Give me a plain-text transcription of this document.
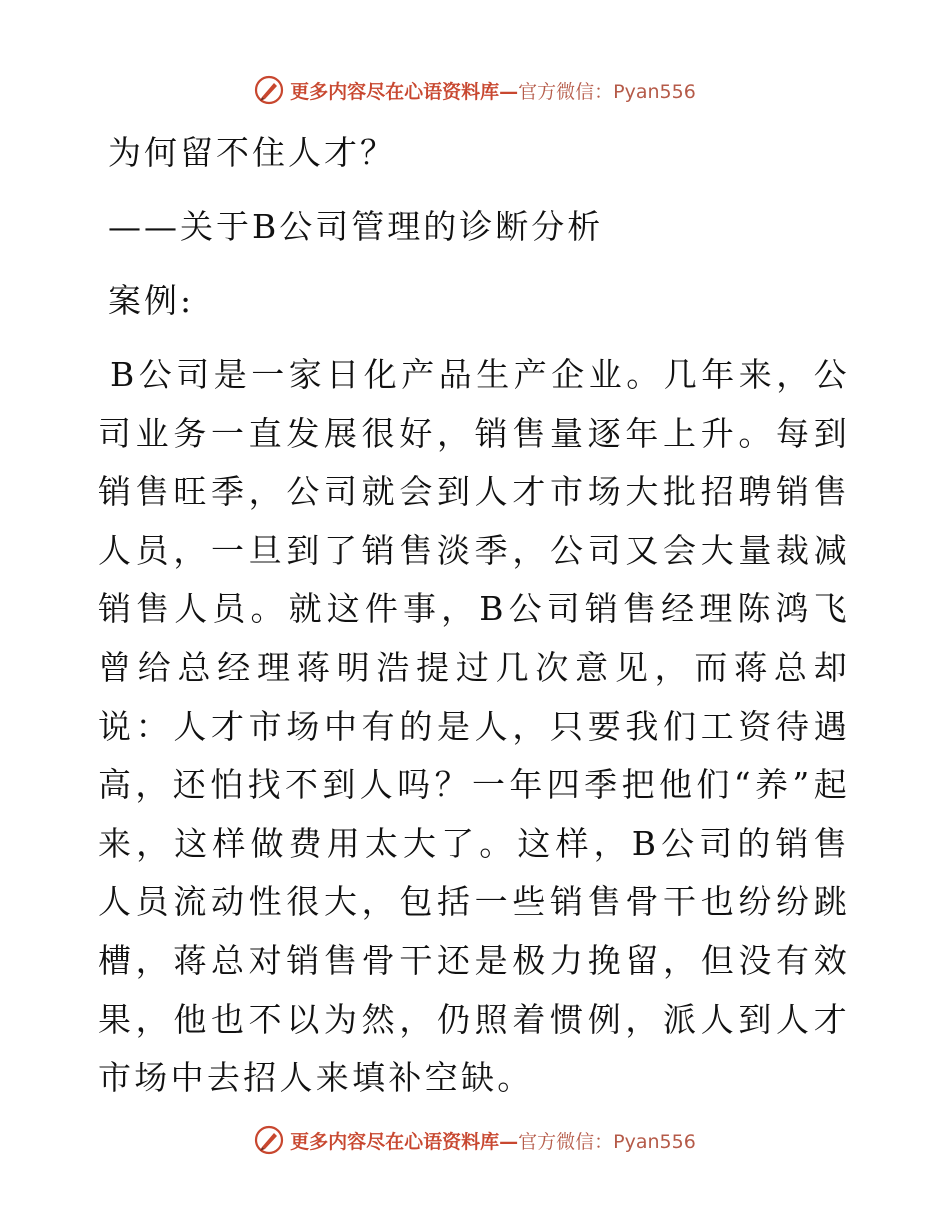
更多内容尽在心语资料库— 官方微信：Pyan556
为何留不住人才？
——关于B公司管理的诊断分析
案例:

B公司是一家日化产品生产企业。几年来，公司业务一直发展很好，销售量逐年上升。每到销售旺季，公司就会到人才市场大批招聘销售人员，一旦到了销售淡季，公司又会大量裁减销售人员。就这件事，B公司销售经理陈鸿飞曾给总经理蒋明浩提过几次意见，而蒋总却说：人才市场中有的是人，只要我们工资待遇高，还怕找不到人吗？一年四季把他们“养”起来，这样做费用太大了。这样，B公司的销售人员流动性很大，包括一些销售骨干也纷纷跳槽，蒋总对销售骨干还是极力挽留，但没有效果，他也不以为然，仍照着惯例，派人到人才市场中去招人来填补空缺。

更多内容尽在心语资料库— 官方微信：Pyan556
